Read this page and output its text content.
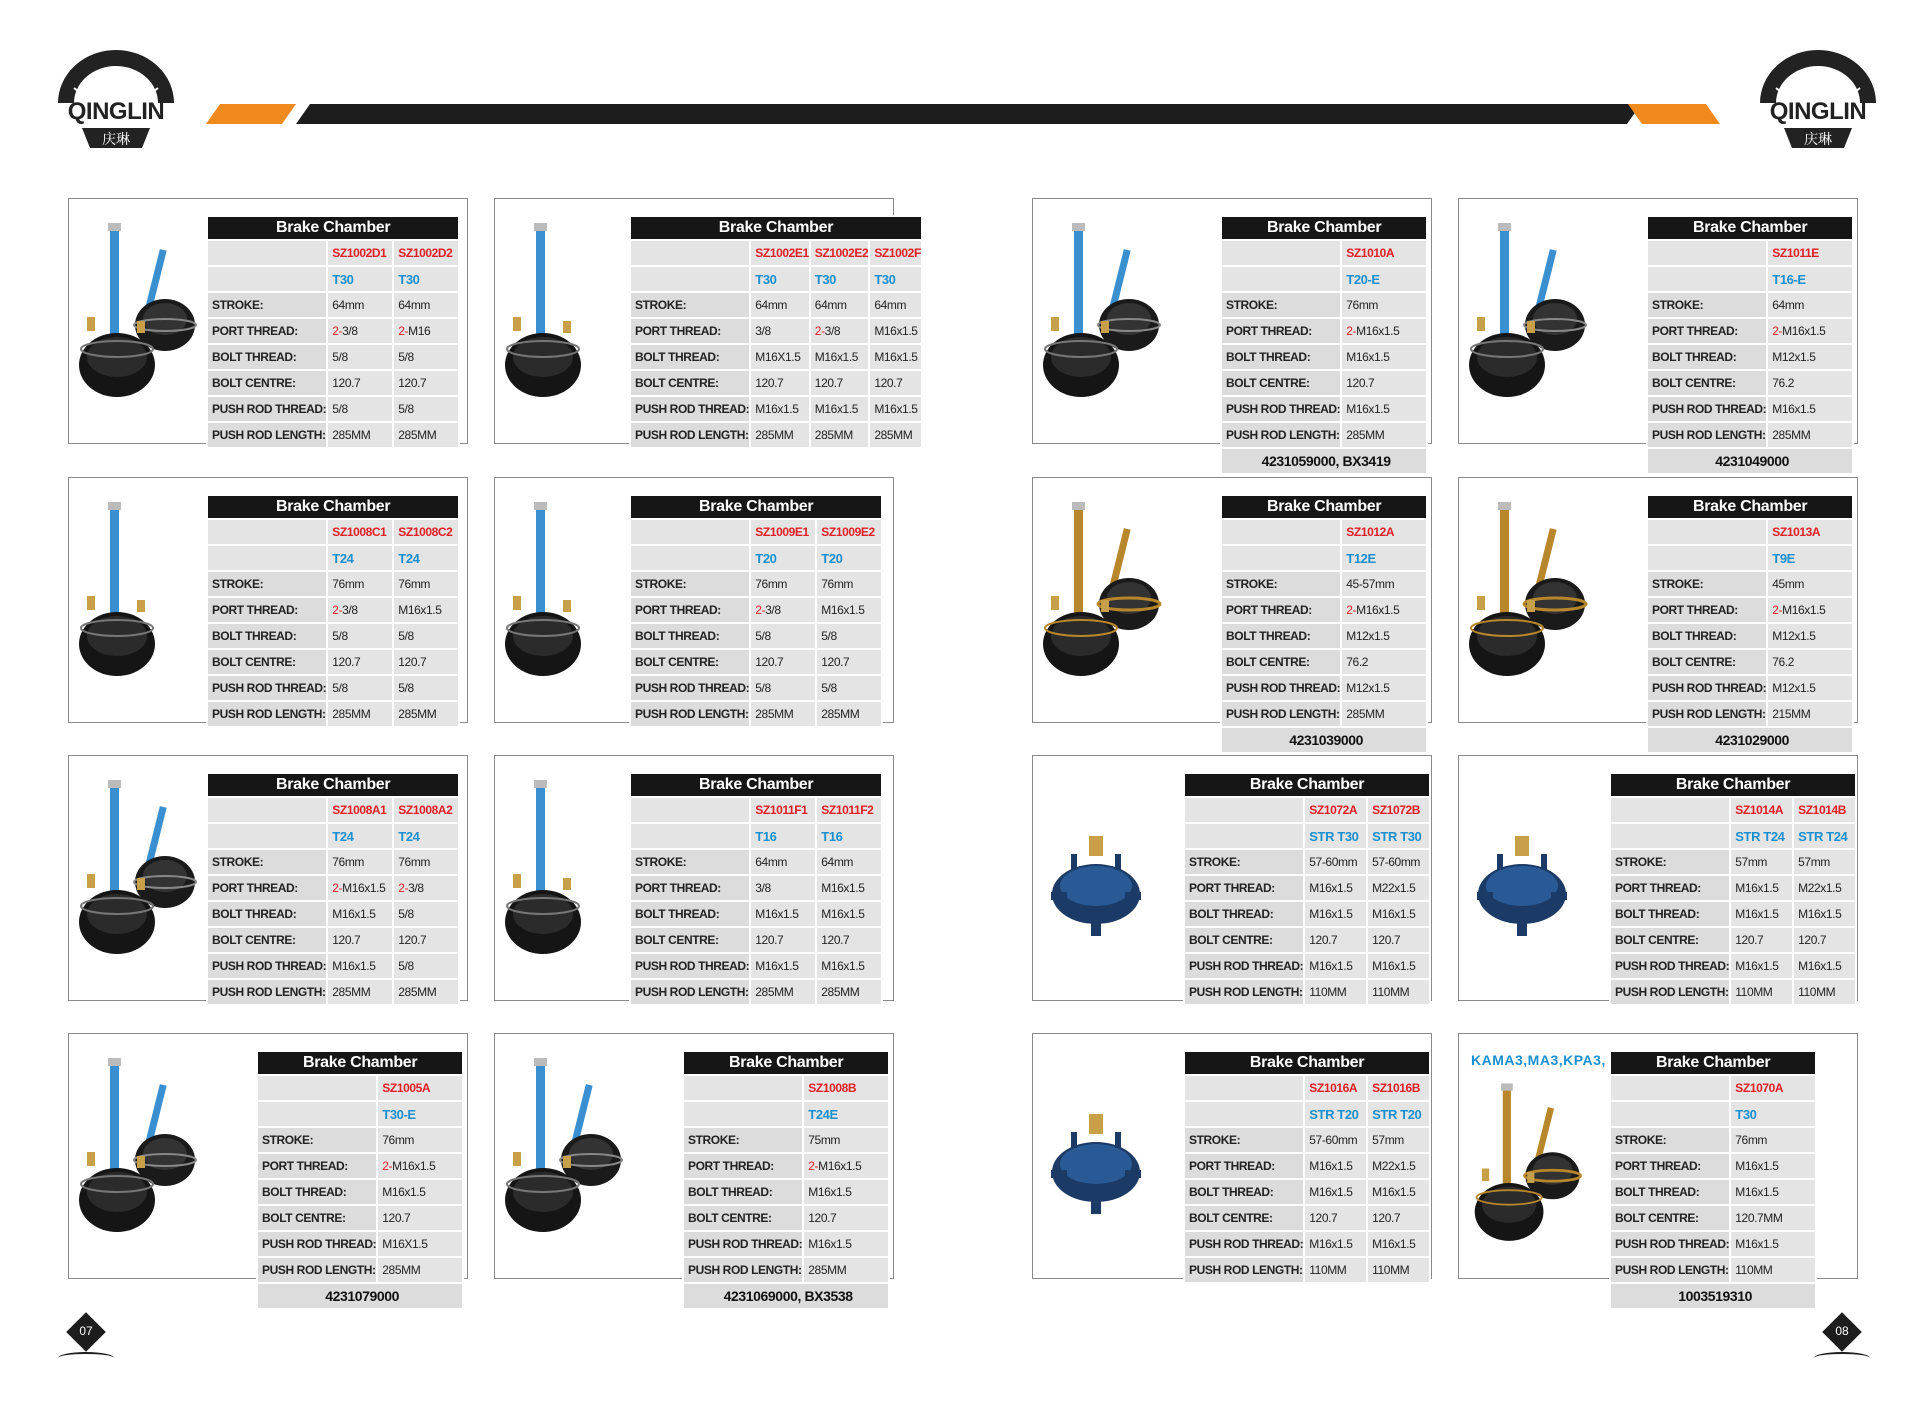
QINGLIN
庆琳
QINGLIN
庆琳
Brake Chamber		
	SZ1002D1	SZ1002D2
	T30	T30
STROKE:	64mm	64mm
PORT THREAD:	2-3/8	2-M16
BOLT THREAD:	5/8	5/8
BOLT CENTRE:	120.7	120.7
PUSH ROD THREAD:	5/8	5/8
PUSH ROD LENGTH:	285MM	285MM
Brake Chamber			
	SZ1002E1	SZ1002E2	SZ1002F
	T30	T30	T30
STROKE:	64mm	64mm	64mm
PORT THREAD:	3/8	2-3/8	M16x1.5
BOLT THREAD:	M16X1.5	M16x1.5	M16x1.5
BOLT CENTRE:	120.7	120.7	120.7
PUSH ROD THREAD:	M16x1.5	M16x1.5	M16x1.5
PUSH ROD LENGTH:	285MM	285MM	285MM
Brake Chamber	
	SZ1010A
	T20-E
STROKE:	76mm
PORT THREAD:	2-M16x1.5
BOLT THREAD:	M16x1.5
BOLT CENTRE:	120.7
PUSH ROD THREAD:	M16x1.5
PUSH ROD LENGTH:	285MM
4231059000, BX3419	
Brake Chamber	
	SZ1011E
	T16-E
STROKE:	64mm
PORT THREAD:	2-M16x1.5
BOLT THREAD:	M12x1.5
BOLT CENTRE:	76.2
PUSH ROD THREAD:	M16x1.5
PUSH ROD LENGTH:	285MM
4231049000	
Brake Chamber		
	SZ1008C1	SZ1008C2
	T24	T24
STROKE:	76mm	76mm
PORT THREAD:	2-3/8	M16x1.5
BOLT THREAD:	5/8	5/8
BOLT CENTRE:	120.7	120.7
PUSH ROD THREAD:	5/8	5/8
PUSH ROD LENGTH:	285MM	285MM
Brake Chamber		
	SZ1009E1	SZ1009E2
	T20	T20
STROKE:	76mm	76mm
PORT THREAD:	2-3/8	M16x1.5
BOLT THREAD:	5/8	5/8
BOLT CENTRE:	120.7	120.7
PUSH ROD THREAD:	5/8	5/8
PUSH ROD LENGTH:	285MM	285MM
Brake Chamber	
	SZ1012A
	T12E
STROKE:	45-57mm
PORT THREAD:	2-M16x1.5
BOLT THREAD:	M12x1.5
BOLT CENTRE:	76.2
PUSH ROD THREAD:	M12x1.5
PUSH ROD LENGTH:	285MM
4231039000	
Brake Chamber	
	SZ1013A
	T9E
STROKE:	45mm
PORT THREAD:	2-M16x1.5
BOLT THREAD:	M12x1.5
BOLT CENTRE:	76.2
PUSH ROD THREAD:	M12x1.5
PUSH ROD LENGTH:	215MM
4231029000	
Brake Chamber		
	SZ1008A1	SZ1008A2
	T24	T24
STROKE:	76mm	76mm
PORT THREAD:	2-M16x1.5	2-3/8
BOLT THREAD:	M16x1.5	5/8
BOLT CENTRE:	120.7	120.7
PUSH ROD THREAD:	M16x1.5	5/8
PUSH ROD LENGTH:	285MM	285MM
Brake Chamber		
	SZ1011F1	SZ1011F2
	T16	T16
STROKE:	64mm	64mm
PORT THREAD:	3/8	M16x1.5
BOLT THREAD:	M16x1.5	M16x1.5
BOLT CENTRE:	120.7	120.7
PUSH ROD THREAD:	M16x1.5	M16x1.5
PUSH ROD LENGTH:	285MM	285MM
Brake Chamber		
	SZ1072A	SZ1072B
	STR T30	STR T30
STROKE:	57-60mm	57-60mm
PORT THREAD:	M16x1.5	M22x1.5
BOLT THREAD:	M16x1.5	M16x1.5
BOLT CENTRE:	120.7	120.7
PUSH ROD THREAD:	M16x1.5	M16x1.5
PUSH ROD LENGTH:	110MM	110MM
Brake Chamber		
	SZ1014A	SZ1014B
	STR T24	STR T24
STROKE:	57mm	57mm
PORT THREAD:	M16x1.5	M22x1.5
BOLT THREAD:	M16x1.5	M16x1.5
BOLT CENTRE:	120.7	120.7
PUSH ROD THREAD:	M16x1.5	M16x1.5
PUSH ROD LENGTH:	110MM	110MM
Brake Chamber	
	SZ1005A
	T30-E
STROKE:	76mm
PORT THREAD:	2-M16x1.5
BOLT THREAD:	M16x1.5
BOLT CENTRE:	120.7
PUSH ROD THREAD:	M16X1.5
PUSH ROD LENGTH:	285MM
4231079000	
Brake Chamber	
	SZ1008B
	T24E
STROKE:	75mm
PORT THREAD:	2-M16x1.5
BOLT THREAD:	M16x1.5
BOLT CENTRE:	120.7
PUSH ROD THREAD:	M16x1.5
PUSH ROD LENGTH:	285MM
4231069000, BX3538	
Brake Chamber		
	SZ1016A	SZ1016B
	STR T20	STR T20
STROKE:	57-60mm	57mm
PORT THREAD:	M16x1.5	M22x1.5
BOLT THREAD:	M16x1.5	M16x1.5
BOLT CENTRE:	120.7	120.7
PUSH ROD THREAD:	M16x1.5	M16x1.5
PUSH ROD LENGTH:	110MM	110MM
KAMA3,MA3,KPA3,	Brake Chamber	
	SZ1070A
	T30
STROKE:	76mm
PORT THREAD:	M16x1.5
BOLT THREAD:	M16x1.5
BOLT CENTRE:	120.7MM
PUSH ROD THREAD:	M16x1.5
PUSH ROD LENGTH:	110MM
1003519310	
07	08
